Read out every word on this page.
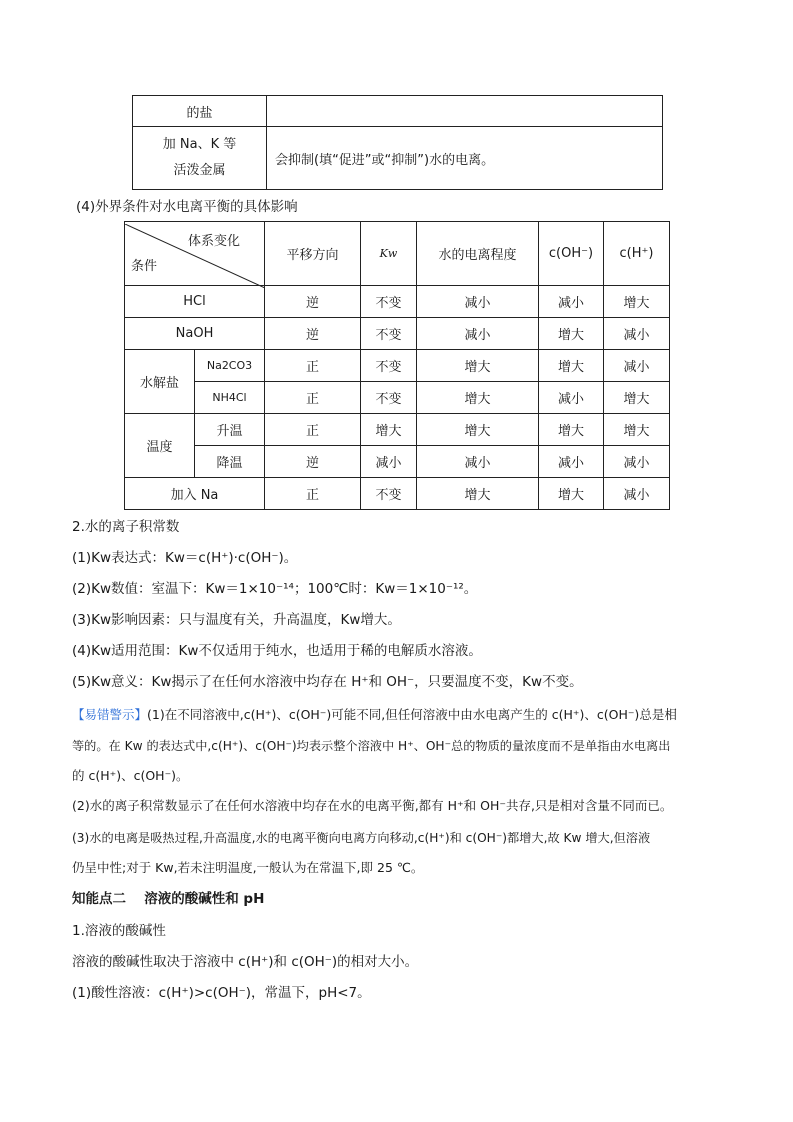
的盐	

加 Na、K 等
活泼金属	会抑制(填“促进”或“抑制”)水的电离。
(4)外界条件对水电离平衡的具体影响
体系变化
条件		平移方向	Kw	水的电离程度	c(OH⁻)	c(H⁺)
HCl		逆	不变	减小	减小	增大
NaOH		逆	不变	减小	增大	减小
水解盐	Na2CO3	正	不变	增大	增大	减小
	NH4Cl	正	不变	增大	减小	增大
温度	升温	正	增大	增大	增大	增大
	降温	逆	减小	减小	减小	减小
加入 Na		正	不变	增大	增大	减小
2.水的离子积常数
(1)Kw表达式：Kw＝c(H⁺)·c(OH⁻)。
(2)Kw数值：室温下：Kw＝1×10⁻¹⁴；100℃时：Kw＝1×10⁻¹²。
(3)Kw影响因素：只与温度有关，升高温度，Kw增大。
(4)Kw适用范围：Kw不仅适用于纯水，也适用于稀的电解质水溶液。
(5)Kw意义：Kw揭示了在任何水溶液中均存在 H⁺和 OH⁻，只要温度不变，Kw不变。
【易错警示】(1)在不同溶液中,c(H⁺)、c(OH⁻)可能不同,但任何溶液中由水电离产生的 c(H⁺)、c(OH⁻)总是相
等的。在 Kw 的表达式中,c(H⁺)、c(OH⁻)均表示整个溶液中 H⁺、OH⁻总的物质的量浓度而不是单指由水电离出
的 c(H⁺)、c(OH⁻)。
(2)水的离子积常数显示了在任何水溶液中均存在水的电离平衡,都有 H⁺和 OH⁻共存,只是相对含量不同而已。
(3)水的电离是吸热过程,升高温度,水的电离平衡向电离方向移动,c(H⁺)和 c(OH⁻)都增大,故 Kw 增大,但溶液
仍呈中性;对于 Kw,若未注明温度,一般认为在常温下,即 25 ℃。
知能点二　 溶液的酸碱性和 pH
1.溶液的酸碱性
溶液的酸碱性取决于溶液中 c(H⁺)和 c(OH⁻)的相对大小。
(1)酸性溶液：c(H⁺)>c(OH⁻)，常温下，pH<7。
